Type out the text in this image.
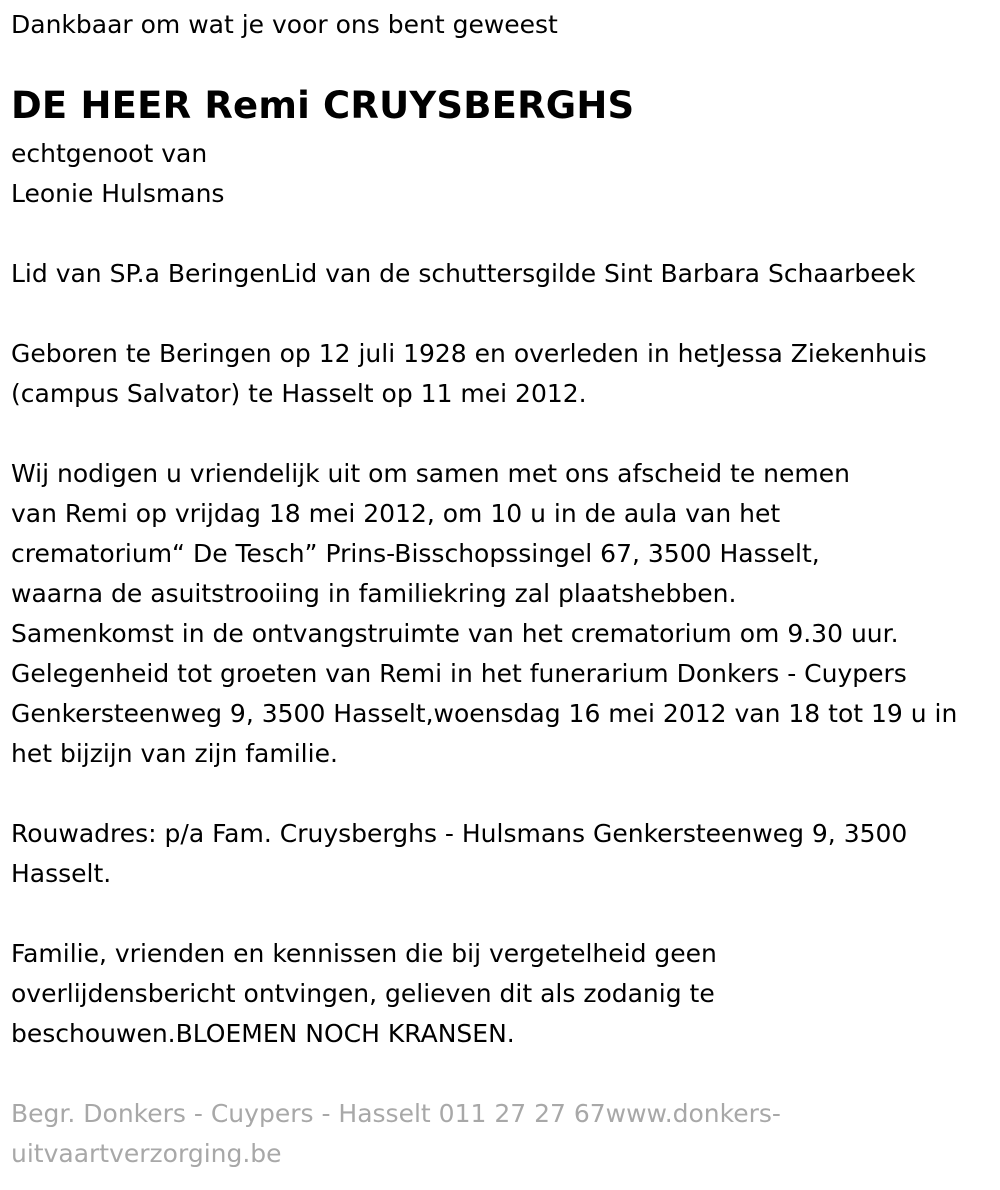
Dankbaar om wat je voor ons bent geweest

DE HEER Remi CRUYSBERGHS

echtgenoot van

Leonie Hulsmans

Lid van SP.a BeringenLid van de schuttersgilde Sint Barbara Schaarbeek

Geboren te Beringen op 12 juli 1928 en overleden in hetJessa Ziekenhuis

(campus Salvator) te Hasselt op 11 mei 2012.

Wij nodigen u vriendelijk uit om samen met ons afscheid te nemen

van Remi op vrijdag 18 mei 2012, om 10 u in de aula van het

crematorium“ De Tesch” Prins-Bisschopssingel 67, 3500 Hasselt,

waarna de asuitstrooiing in familiekring zal plaatshebben.

Samenkomst in de ontvangstruimte van het crematorium om 9.30 uur.

Gelegenheid tot groeten van Remi in het funerarium Donkers - Cuypers

Genkersteenweg 9, 3500 Hasselt,woensdag 16 mei 2012 van 18 tot 19 u in

het bijzijn van zijn familie.

Rouwadres: p/a Fam. Cruysberghs - Hulsmans Genkersteenweg 9, 3500

Hasselt.

Familie, vrienden en kennissen die bij vergetelheid geen

overlijdensbericht ontvingen, gelieven dit als zodanig te

beschouwen.BLOEMEN NOCH KRANSEN.

Begr. Donkers - Cuypers - Hasselt 011 27 27 67www.donkers-

uitvaartverzorging.be
